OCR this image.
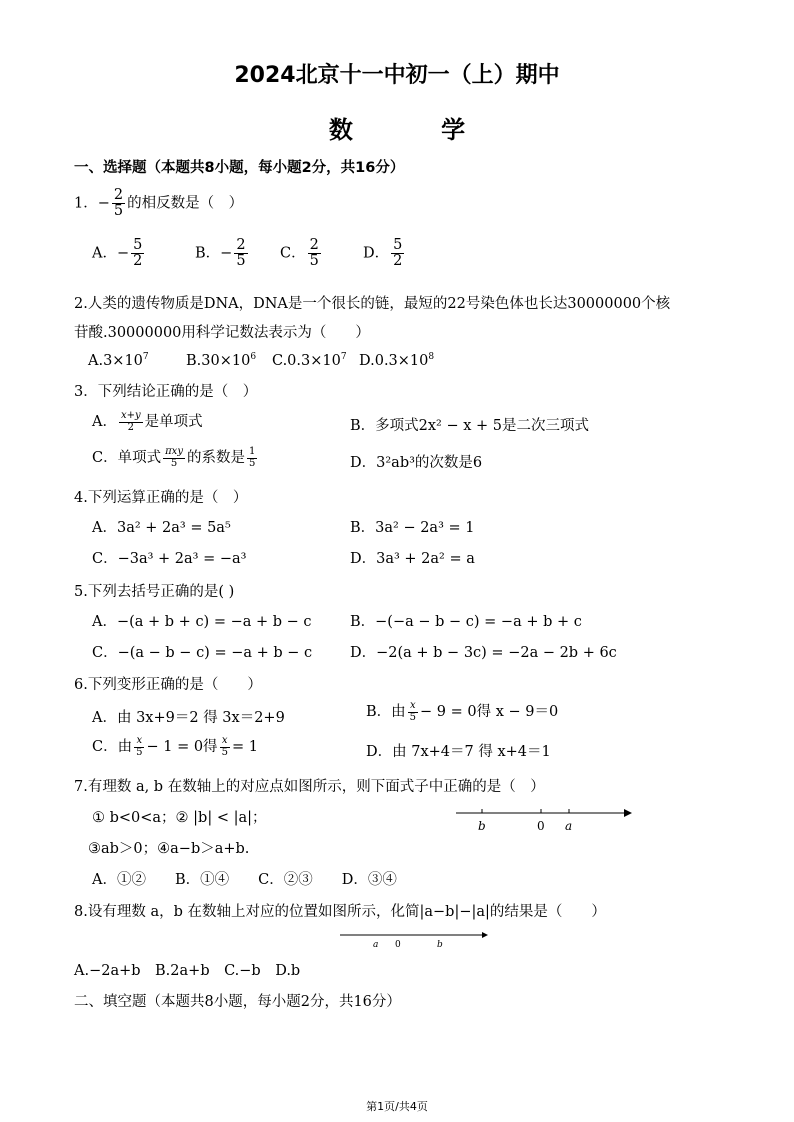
2024北京十一中初一（上）期中
数 学
一、选择题（本题共8小题，每小题2分，共16分）
1．− $\frac{2}{5}$ 的相反数是（　）
A．− $\frac{5}{2}$	B．− $\frac{2}{5}$ C． $\frac{2}{5}$	D． $\frac{5}{2}$
2.人类的遗传物质是DNA，DNA是一个很长的链，最短的22号染色体也长达30000000个核
苷酸.30000000用科学记数法表示为（　　）
$A.3\times 10^7$	$B.30\times 10^6$ $C.0.3\times 10^7$ $D.0.3\times 10^8$
3．下列结论正确的是（　）
A． $\frac{x+y}{2}$ 是单项式	B．多项式2x² − x + 5是二次三项式
C．单项式 $\frac{\text{πxy}}{5}$ 的系数是 $\frac{1}{5}$	D．3²ab³的次数是6
4.下列运算正确的是（　）
A．3a² + 2a³ = 5a⁵	B．3a² − 2a³ = 1
C．−3a³ + 2a³ = −a³	D．3a³ + 2a² = a
5.下列去括号正确的是( )
A．−(a + b + c) = −a + b − c	B．−(−a − b − c) = −a + b + c
C．−(a − b − c) = −a + b − c	D．−2(a + b − 3c) = −2a − 2b + 6c
6.下列变形正确的是（　　）
A．由 3x+9＝2 得 3x＝2+9	B．由 $\frac{x}{5} - 9 = 0$得 x − 9＝0
C．由 $\frac{x}{5} - 1 = 0$得 $\frac{x}{5} = 1$	D．由 7x+4＝7 得 x+4＝1
7.有理数 a, b 在数轴上的对应点如图所示，则下面式子中正确的是（　）
① b<0<a；② |b| < |a|；
③ab＞0；④a−b＞a+b.
A．①②　　B．①④　　C．②③　　D．③④
b	0 a
8.设有理数 a，b 在数轴上对应的位置如图所示，化简|a−b|−|a|的结果是（　　）
a 0	b
A.−2a+b　B.2a+b　C.−b　D.b
二、填空题（本题共8小题，每小题2分，共16分）
第1页/共4页
